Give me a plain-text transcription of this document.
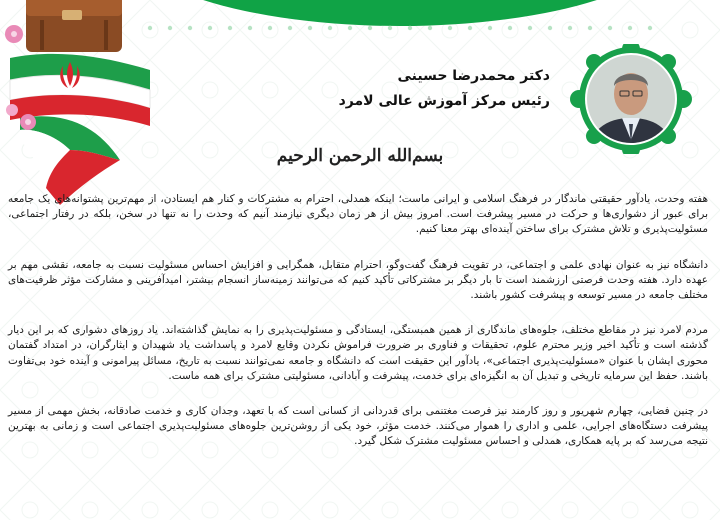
دکتر محمدرضا حسینی
رئیس مرکز آموزش عالی لامرد
بسم‌الله الرحمن الرحیم

هفته وحدت، یادآور حقیقتی ماندگار در فرهنگ اسلامی و ایرانی ماست؛ اینکه همدلی، احترام به مشترکات و کنار هم ایستادن، از مهم‌ترین پشتوانه‌های یک جامعه برای عبور از دشواری‌ها و حرکت در مسیر پیشرفت است. امروز بیش از هر زمان دیگری نیازمند آنیم که وحدت را نه تنها در سخن، بلکه در رفتار اجتماعی، مسئولیت‌پذیری و تلاش مشترک برای ساختن آینده‌ای بهتر معنا کنیم.

دانشگاه نیز به عنوان نهادی علمی و اجتماعی، در تقویت فرهنگ گفت‌وگو، احترام متقابل، همگرایی و افزایش احساس مسئولیت نسبت به جامعه، نقشی مهم بر عهده دارد. هفته وحدت فرصتی ارزشمند است تا بار دیگر بر مشترکاتی تأکید کنیم که می‌توانند زمینه‌ساز انسجام بیشتر، امیدآفرینی و مشارکت مؤثر ظرفیت‌های مختلف جامعه در مسیر توسعه و پیشرفت کشور باشند.

مردم لامرد نیز در مقاطع مختلف، جلوه‌های ماندگاری از همین همبستگی، ایستادگی و مسئولیت‌پذیری را به نمایش گذاشته‌اند. یاد روزهای دشواری که بر این دیار گذشته است و تأکید اخیر وزیر محترم علوم، تحقیقات و فناوری بر ضرورت فراموش نکردن وقایع لامرد و پاسداشت یاد شهیدان و ایثارگران، در امتداد گفتمان محوری ایشان با عنوان «مسئولیت‌پذیری اجتماعی»، یادآور این حقیقت است که دانشگاه و جامعه نمی‌توانند نسبت به تاریخ، مسائل پیرامونی و آینده خود بی‌تفاوت باشند. حفظ این سرمایه تاریخی و تبدیل آن به انگیزه‌ای برای خدمت، پیشرفت و آبادانی، مسئولیتی مشترک برای همه ماست.

در چنین فضایی، چهارم شهریور و روز کارمند نیز فرصت مغتنمی برای قدردانی از کسانی است که با تعهد، وجدان کاری و خدمت صادقانه، بخش مهمی از مسیر پیشرفت دستگاه‌های اجرایی، علمی و اداری را هموار می‌کنند. خدمت مؤثر، خود یکی از روشن‌ترین جلوه‌های مسئولیت‌پذیری اجتماعی است و زمانی به بهترین نتیجه می‌رسد که بر پایه همکاری، همدلی و احساس مسئولیت مشترک شکل گیرد.
